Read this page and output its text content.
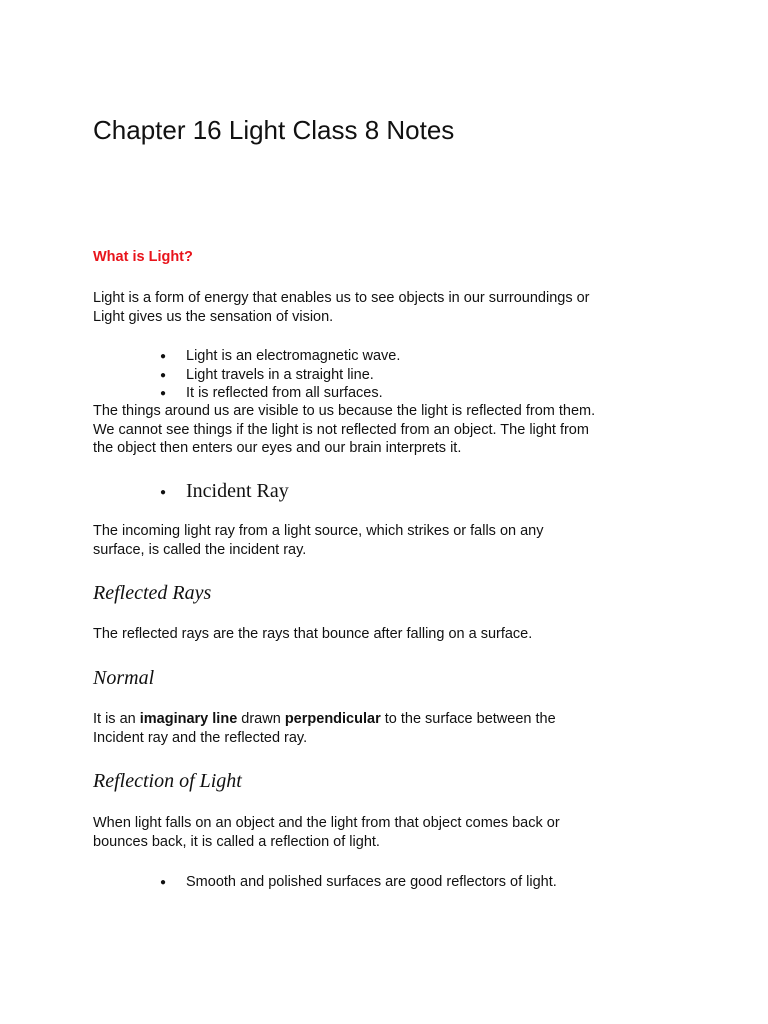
Chapter 16 Light Class 8 Notes
What is Light?
Light is a form of energy that enables us to see objects in our surroundings or
Light gives us the sensation of vision.
● Light is an electromagnetic wave.
● Light travels in a straight line.
● It is reflected from all surfaces.
The things around us are visible to us because the light is reflected from them.
We cannot see things if the light is not reflected from an object. The light from
the object then enters our eyes and our brain interprets it.
● Incident Ray
The incoming light ray from a light source, which strikes or falls on any
surface, is called the incident ray.
Reflected Rays
The reflected rays are the rays that bounce after falling on a surface.
Normal
It is an imaginary line drawn perpendicular to the surface between the
Incident ray and the reflected ray.
Reflection of Light
When light falls on an object and the light from that object comes back or
bounces back, it is called a reflection of light.
● Smooth and polished surfaces are good reflectors of light.
